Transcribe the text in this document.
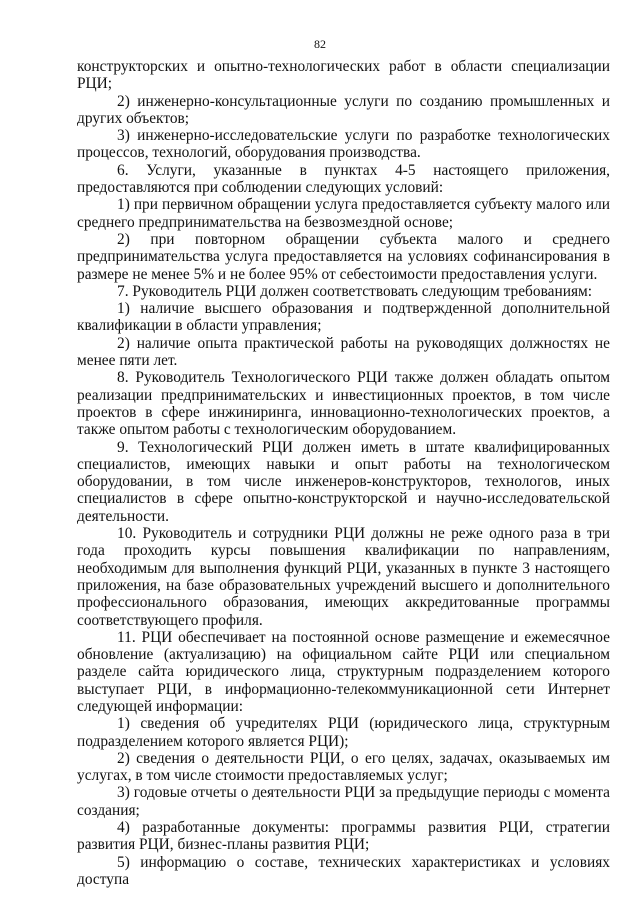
82

конструкторских и опытно-технологических работ в области специализации РЦИ;

2) инженерно-консультационные услуги по созданию промышленных и других объектов;

3) инженерно-исследовательские услуги по разработке технологических процессов, технологий, оборудования производства.

6. Услуги, указанные в пунктах 4-5 настоящего приложения, предоставляются при соблюдении следующих условий:

1) при первичном обращении услуга предоставляется субъекту малого или среднего предпринимательства на безвозмездной основе;

2) при повторном обращении субъекта малого и среднего предпринимательства услуга предоставляется на условиях софинансирования в размере не менее 5% и не более 95% от себестоимости предоставления услуги.

7. Руководитель РЦИ должен соответствовать следующим требованиям:

1) наличие высшего образования и подтвержденной дополнительной квалификации в области управления;

2) наличие опыта практической работы на руководящих должностях не менее пяти лет.

8. Руководитель Технологического РЦИ также должен обладать опытом реализации предпринимательских и инвестиционных проектов, в том числе проектов в сфере инжиниринга, инновационно-технологических проектов, а также опытом работы с технологическим оборудованием.

9. Технологический РЦИ должен иметь в штате квалифицированных специалистов, имеющих навыки и опыт работы на технологическом оборудовании, в том числе инженеров-конструкторов, технологов, иных специалистов в сфере опытно-конструкторской и научно-исследовательской деятельности.

10. Руководитель и сотрудники РЦИ должны не реже одного раза в три года проходить курсы повышения квалификации по направлениям, необходимым для выполнения функций РЦИ, указанных в пункте 3 настоящего приложения, на базе образовательных учреждений высшего и дополнительного профессионального образования, имеющих аккредитованные программы соответствующего профиля.

11. РЦИ обеспечивает на постоянной основе размещение и ежемесячное обновление (актуализацию) на официальном сайте РЦИ или специальном разделе сайта юридического лица, структурным подразделением которого выступает РЦИ, в информационно-телекоммуникационной сети Интернет следующей информации:

1) сведения об учредителях РЦИ (юридического лица, структурным подразделением которого является РЦИ);

2) сведения о деятельности РЦИ, о его целях, задачах, оказываемых им услугах, в том числе стоимости предоставляемых услуг;

3) годовые отчеты о деятельности РЦИ за предыдущие периоды с момента создания;

4) разработанные документы: программы развития РЦИ, стратегии развития РЦИ, бизнес-планы развития РЦИ;

5) информацию о составе, технических характеристиках и условиях доступа
